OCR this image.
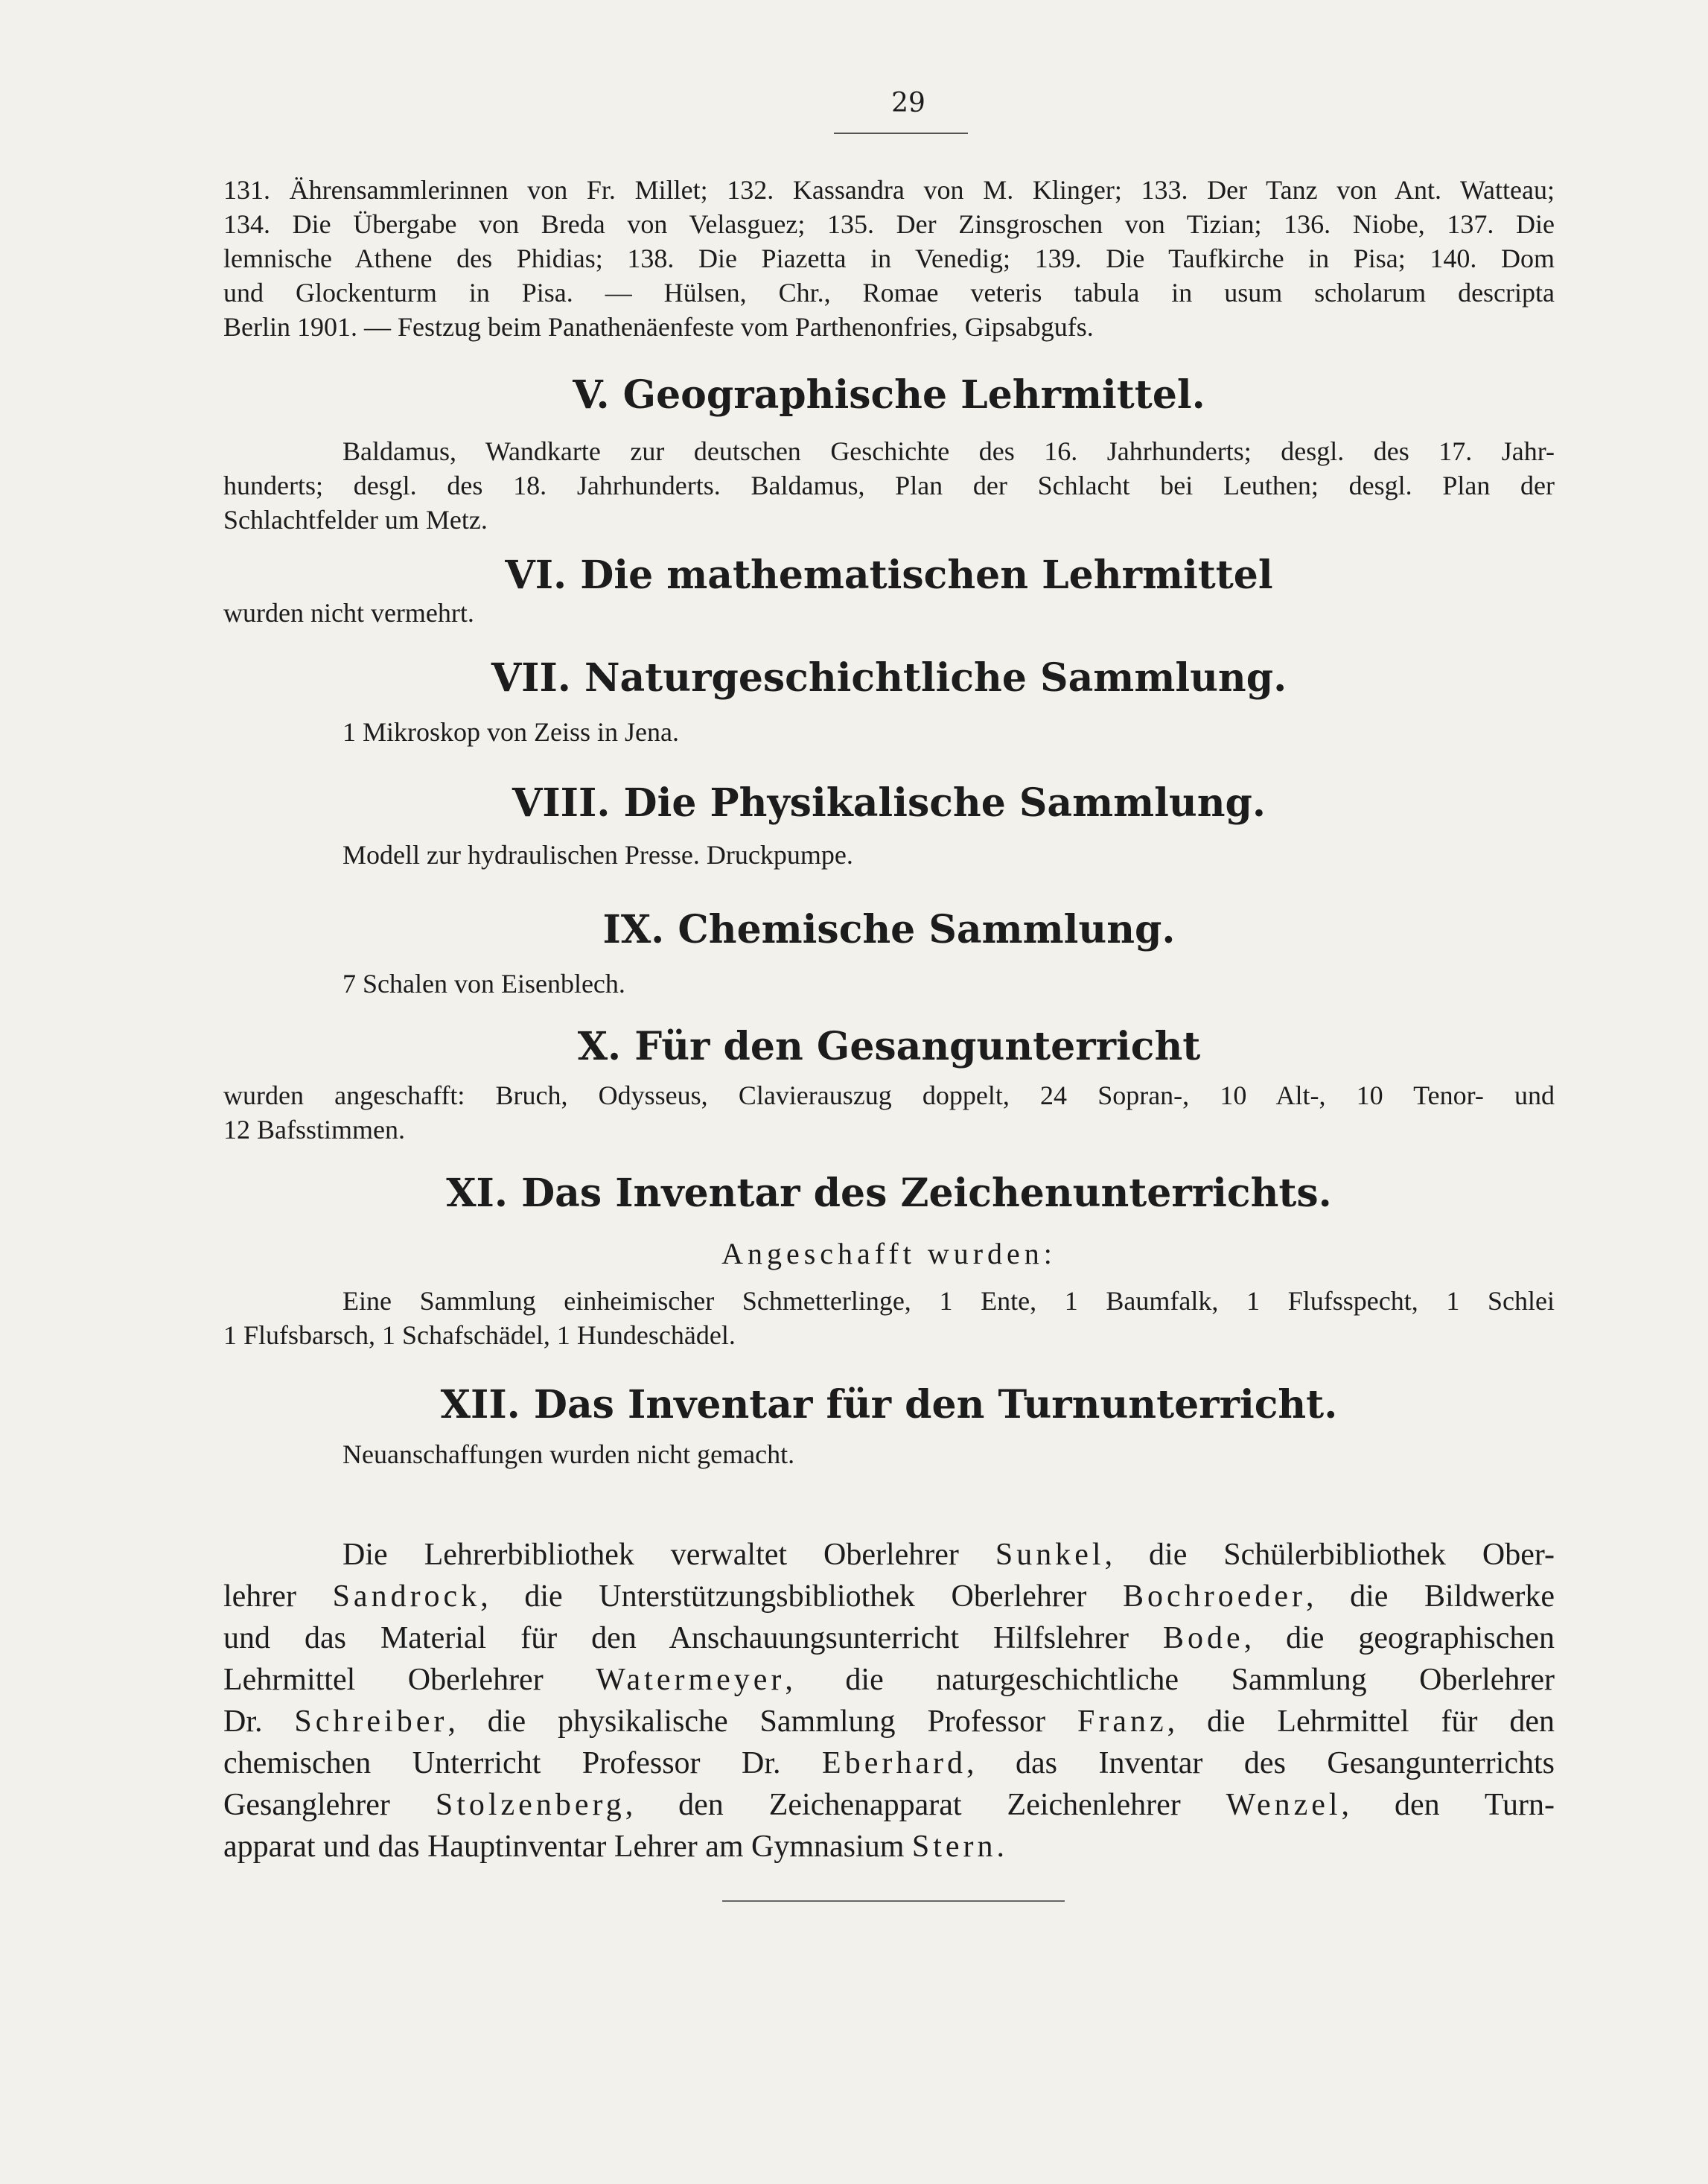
29
131. Ährensammlerinnen von Fr. Millet; 132. Kassandra von M. Klinger; 133. Der Tanz von Ant. Watteau;
134. Die Übergabe von Breda von Velasguez; 135. Der Zinsgroschen von Tizian; 136. Niobe, 137. Die
lemnische Athene des Phidias; 138. Die Piazetta in Venedig; 139. Die Taufkirche in Pisa; 140. Dom
und Glockenturm in Pisa. — Hülsen, Chr., Romae veteris tabula in usum scholarum descripta
Berlin 1901. — Festzug beim Panathenäenfeste vom Parthenonfries, Gipsabgufs.
V. Geographische Lehrmittel.
Baldamus, Wandkarte zur deutschen Geschichte des 16. Jahrhunderts; desgl. des 17. Jahr-
hunderts; desgl. des 18. Jahrhunderts. Baldamus, Plan der Schlacht bei Leuthen; desgl. Plan der
Schlachtfelder um Metz.
VI. Die mathematischen Lehrmittel
wurden nicht vermehrt.
VII. Naturgeschichtliche Sammlung.
1 Mikroskop von Zeiss in Jena.
VIII. Die Physikalische Sammlung.
Modell zur hydraulischen Presse. Druckpumpe.
IX. Chemische Sammlung.
7 Schalen von Eisenblech.
X. Für den Gesangunterricht
wurden angeschafft: Bruch, Odysseus, Clavierauszug doppelt, 24 Sopran-, 10 Alt-, 10 Tenor- und
12 Bafsstimmen.
XI. Das Inventar des Zeichenunterrichts.
Angeschafft wurden:
Eine Sammlung einheimischer Schmetterlinge, 1 Ente, 1 Baumfalk, 1 Flufsspecht, 1 Schlei
1 Flufsbarsch, 1 Schafschädel, 1 Hundeschädel.
XII. Das Inventar für den Turnunterricht.
Neuanschaffungen wurden nicht gemacht.
Die Lehrerbibliothek verwaltet Oberlehrer Sunkel, die Schülerbibliothek Ober-
lehrer Sandrock, die Unterstützungsbibliothek Oberlehrer Bochroeder, die Bildwerke
und das Material für den Anschauungsunterricht Hilfslehrer Bode, die geographischen
Lehrmittel Oberlehrer Watermeyer, die naturgeschichtliche Sammlung Oberlehrer
Dr. Schreiber, die physikalische Sammlung Professor Franz, die Lehrmittel für den
chemischen Unterricht Professor Dr. Eberhard, das Inventar des Gesangunterrichts
Gesanglehrer Stolzenberg, den Zeichenapparat Zeichenlehrer Wenzel, den Turn-
apparat und das Hauptinventar Lehrer am Gymnasium Stern.
